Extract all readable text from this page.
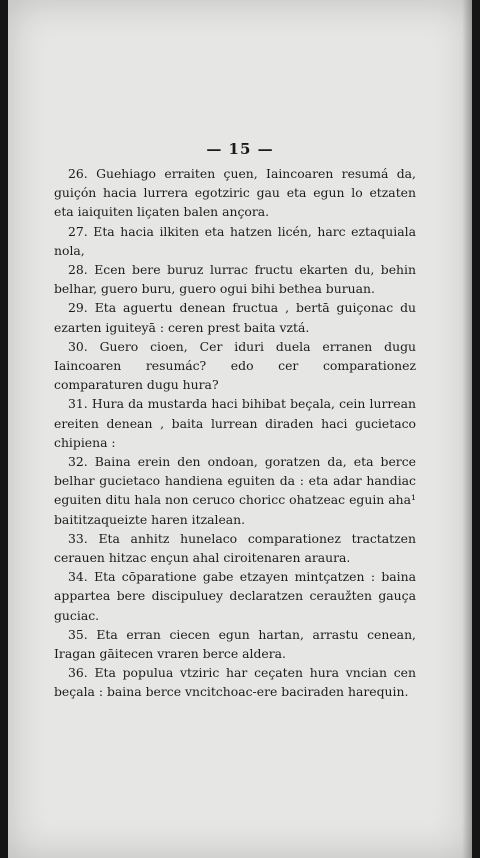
— 15 —

26. Guehiago erraiten çuen, Iaincoaren resumá da, guiçón hacia lurrera egotziric gau eta egun lo etzaten eta iaiquiten liçaten balen ançora.

27. Eta hacia ilkiten eta hatzen licén, harc eztaquiala nola,

28. Ecen bere buruz lurrac fructu ekarten du, behin belhar, guero buru, guero ogui bihi bethea buruan.

29. Eta aguertu denean fructua , bertā guiçonac du ezarten iguiteyā : ceren prest baita vztá.

30. Guero cioen, Cer iduri duela erranen dugu Iaincoaren resumác? edo cer comparationez comparaturen dugu hura?

31. Hura da mustarda haci bihibat beçala, cein lurrean ereiten denean , baita lurrean diraden haci gucietaco chipiena :

32. Baina erein den ondoan, goratzen da, eta berce belhar gucietaco handiena eguiten da : eta adar handiac eguiten ditu hala non ceruco choricc ohatzeac eguin aha¹ baititzaqueizte haren itzalean.

33. Eta anhitz hunelaco comparationez tractatzen cerauen hitzac ençun ahal ciroitenaren araura.

34. Eta cōparatione gabe etzayen mintçatzen : baina appartea bere discipuluey declaratzen ceraužten gauça guciac.

35. Eta erran ciecen egun hartan, arrastu cenean, Iragan gāitecen vraren berce aldera.

36. Eta populua vtziric har ceçaten hura vncian cen beçala : baina berce vncitchoac-ere baciraden harequin.
